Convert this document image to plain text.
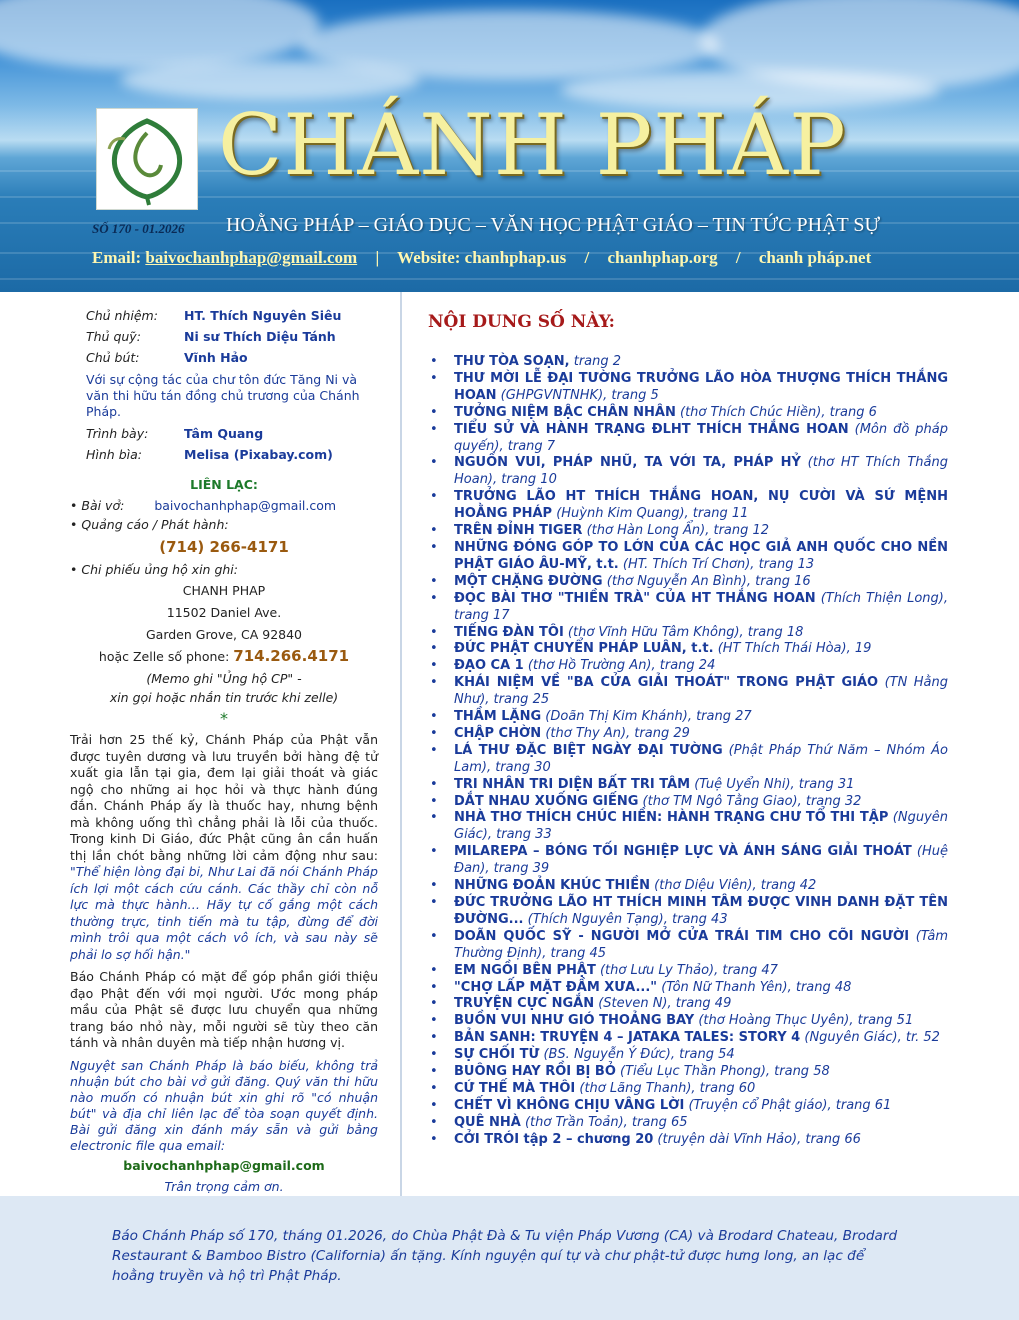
CHÁNH PHÁP
SỐ 170 - 01.2026 HOẰNG PHÁP – GIÁO DỤC – VĂN HỌC PHẬT GIÁO – TIN TỨC PHẬT SỰ
Email: baivochanhphap@gmail.com | Website: chanhphap.us / chanhphap.org / chanh pháp.net
Chủ nhiệm:	HT. Thích Nguyên Siêu
Thủ quỹ:	Ni sư Thích Diệu Tánh
Chủ bút:	Vĩnh Hảo
Với sự cộng tác của chư tôn đức Tăng Ni và văn thi hữu tán đồng chủ trương của Chánh Pháp.
Trình bày:	Tâm Quang
Hình bìa:	Melisa (Pixabay.com)
LIÊN LẠC:
• Bài vở: baivochanhphap@gmail.com
• Quảng cáo / Phát hành:
(714) 266-4171
• Chi phiếu ủng hộ xin ghi:
CHANH PHAP
11502 Daniel Ave.
Garden Grove, CA 92840
hoặc Zelle số phone: 714.266.4171
(Memo ghi "Ủng hộ CP" -
xin gọi hoặc nhắn tin trước khi zelle)
*
Trải hơn 25 thế kỷ, Chánh Pháp của Phật vẫn được tuyên dương và lưu truyền bởi hàng đệ tử xuất gia lẫn tại gia, đem lại giải thoát và giác ngộ cho những ai học hỏi và thực hành đúng đắn. Chánh Pháp ấy là thuốc hay, nhưng bệnh mà không uống thì chẳng phải là lỗi của thuốc. Trong kinh Di Giáo, đức Phật cũng ân cần huấn thị lần chót bằng những lời cảm động như sau: "Thể hiện lòng đại bi, Như Lai đã nói Chánh Pháp ích lợi một cách cứu cánh. Các thầy chỉ còn nỗ lực mà thực hành… Hãy tự cố gắng một cách thường trực, tinh tiến mà tu tập, đừng để đời mình trôi qua một cách vô ích, và sau này sẽ phải lo sợ hối hận."
Báo Chánh Pháp có mặt để góp phần giới thiệu đạo Phật đến với mọi người. Ước mong pháp mầu của Phật sẽ được lưu chuyển qua những trang báo nhỏ này, mỗi người sẽ tùy theo căn tánh và nhân duyên mà tiếp nhận hương vị.
Nguyệt san Chánh Pháp là báo biếu, không trả nhuận bút cho bài vở gửi đăng. Quý văn thi hữu nào muốn có nhuận bút xin ghi rõ "có nhuận bút" và địa chỉ liên lạc để tòa soạn quyết định. Bài gửi đăng xin đánh máy sẵn và gửi bằng electronic file qua email:
baivochanhphap@gmail.com
Trân trọng cảm ơn.
NỘI DUNG SỐ NÀY:
• THƯ TÒA SOẠN, trang 2
• THƯ MỜI LỄ ĐẠI TƯỜNG TRƯỞNG LÃO HÒA THƯỢNG THÍCH THẮNG HOAN (GHPGVNTNHK), trang 5
• TƯỞNG NIỆM BẬC CHÂN NHÂN (thơ Thích Chúc Hiền), trang 6
• TIỂU SỬ VÀ HÀNH TRẠNG ĐLHT THÍCH THẮNG HOAN (Môn đồ pháp quyến), trang 7
• NGUỒN VUI, PHÁP NHŨ, TA VỚI TA, PHÁP HỶ (thơ HT Thích Thắng Hoan), trang 10
• TRƯỞNG LÃO HT THÍCH THẮNG HOAN, NỤ CƯỜI VÀ SỨ MỆNH HOẰNG PHÁP (Huỳnh Kim Quang), trang 11
• TRÊN ĐỈNH TIGER (thơ Hàn Long Ẩn), trang 12
• NHỮNG ĐÓNG GÓP TO LỚN CỦA CÁC HỌC GIẢ ANH QUỐC CHO NỀN PHẬT GIÁO ÂU-MỸ, t.t. (HT. Thích Trí Chơn), trang 13
• MỘT CHẶNG ĐƯỜNG (thơ Nguyễn An Bình), trang 16
• ĐỌC BÀI THƠ "THIỀN TRÀ" CỦA HT THẮNG HOAN (Thích Thiện Long), trang 17
• TIẾNG ĐÀN TÔI (thơ Vĩnh Hữu Tâm Không), trang 18
• ĐỨC PHẬT CHUYỂN PHÁP LUÂN, t.t. (HT Thích Thái Hòa), 19
• ĐẠO CA 1 (thơ Hồ Trường An), trang 24
• KHÁI NIỆM VỀ "BA CỬA GIẢI THOÁT" TRONG PHẬT GIÁO (TN Hằng Như), trang 25
• THẦM LẶNG (Doãn Thị Kim Khánh), trang 27
• CHẬP CHỜN (thơ Thy An), trang 29
• LÁ THƯ ĐẶC BIỆT NGÀY ĐẠI TƯỜNG (Phật Pháp Thứ Năm – Nhóm Áo Lam), trang 30
• TRI NHÂN TRI DIỆN BẤT TRI TÂM (Tuệ Uyển Nhi), trang 31
• DẮT NHAU XUỐNG GIẾNG (thơ TM Ngô Tằng Giao), trang 32
• NHÀ THƠ THÍCH CHÚC HIỀN: HÀNH TRẠNG CHƯ TỔ THI TẬP (Nguyên Giác), trang 33
• MILAREPA – BÓNG TỐI NGHIỆP LỰC VÀ ÁNH SÁNG GIẢI THOÁT (Huệ Đan), trang 39
• NHỮNG ĐOẢN KHÚC THIỀN (thơ Diệu Viên), trang 42
• ĐỨC TRƯỞNG LÃO HT THÍCH MINH TÂM ĐƯỢC VINH DANH ĐẶT TÊN ĐƯỜNG... (Thích Nguyên Tạng), trang 43
• DOÃN QUỐC SỸ - NGƯỜI MỞ CỬA TRÁI TIM CHO CÕI NGƯỜI (Tâm Thường Định), trang 45
• EM NGỒI BÊN PHẬT (thơ Lưu Ly Thảo), trang 47
• "CHỢ LẤP MẶT ĐẦM XƯA..." (Tôn Nữ Thanh Yên), trang 48
• TRUYỆN CỰC NGẮN (Steven N), trang 49
• BUỒN VUI NHƯ GIÓ THOẢNG BAY (thơ Hoàng Thục Uyên), trang 51
• BẢN SANH: TRUYỆN 4 – JATAKA TALES: STORY 4 (Nguyên Giác), tr. 52
• SỰ CHỐI TỪ (BS. Nguyễn Ý Đức), trang 54
• BUÔNG HAY RỒI BỊ BỎ (Tiểu Lục Thần Phong), trang 58
• CỨ THẾ MÀ THÔI (thơ Lãng Thanh), trang 60
• CHẾT VÌ KHÔNG CHỊU VÂNG LỜI (Truyện cổ Phật giáo), trang 61
• QUÊ NHÀ (thơ Trần Toản), trang 65
• CỞI TRÓI tập 2 – chương 20 (truyện dài Vĩnh Hảo), trang 66
Báo Chánh Pháp số 170, tháng 01.2026, do Chùa Phật Đà & Tu viện Pháp Vương (CA) và Brodard Chateau, Brodard Restaurant & Bamboo Bistro (California) ấn tặng. Kính nguyện quí tự và chư phật-tử được hưng long, an lạc để hoằng truyền và hộ trì Phật Pháp.
